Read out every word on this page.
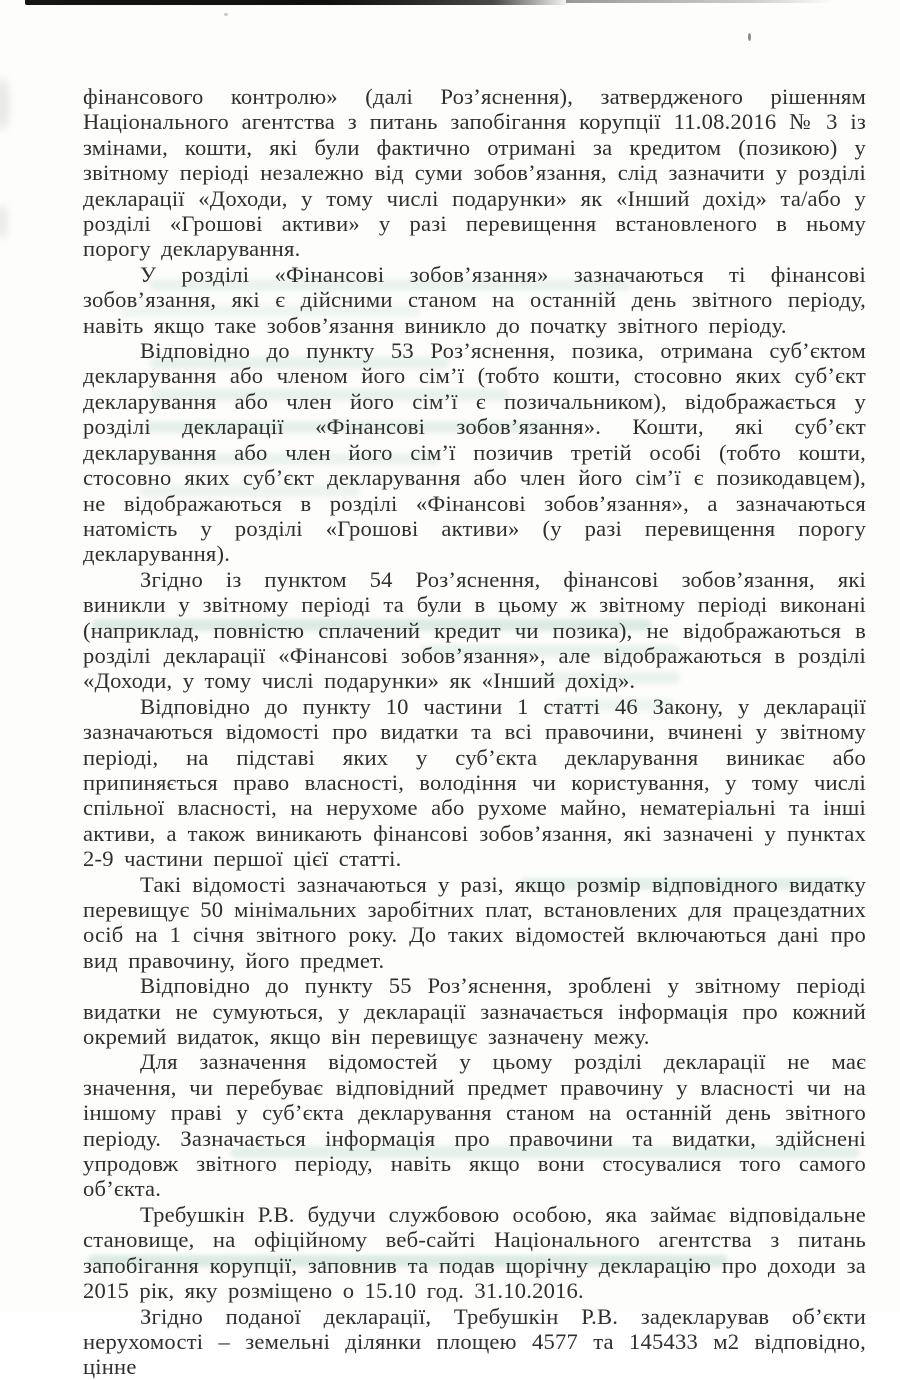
фінансового контролю» (далі Роз’яснення), затвердженого рішенням Національного агентства з питань запобігання корупції 11.08.2016 № 3 із змінами, кошти, які були фактично отримані за кредитом (позикою) у звітному періоді незалежно від суми зобов’язання, слід зазначити у розділі декларації «Доходи, у тому числі подарунки» як «Інший дохід» та/або у розділі «Грошові активи» у разі перевищення встановленого в ньому порогу декларування.

У розділі «Фінансові зобов’язання» зазначаються ті фінансові зобов’язання, які є дійсними станом на останній день звітного періоду, навіть якщо таке зобов’язання виникло до початку звітного періоду.

Відповідно до пункту 53 Роз’яснення, позика, отримана суб’єктом декларування або членом його сім’ї (тобто кошти, стосовно яких суб’єкт декларування або член його сім’ї є позичальником), відображається у розділі декларації «Фінансові зобов’язання». Кошти, які суб’єкт декларування або член його сім’ї позичив третій особі (тобто кошти, стосовно яких суб’єкт декларування або член його сім’ї є позикодавцем), не відображаються в розділі «Фінансові зобов’язання», а зазначаються натомість у розділі «Грошові активи» (у разі перевищення порогу декларування).

Згідно із пунктом 54 Роз’яснення, фінансові зобов’язання, які виникли у звітному періоді та були в цьому ж звітному періоді виконані (наприклад, повністю сплачений кредит чи позика), не відображаються в розділі декларації «Фінансові зобов’язання», але відображаються в розділі «Доходи, у тому числі подарунки» як «Інший дохід».

Відповідно до пункту 10 частини 1 статті 46 Закону, у декларації зазначаються відомості про видатки та всі правочини, вчинені у звітному періоді, на підставі яких у суб’єкта декларування виникає або припиняється право власності, володіння чи користування, у тому числі спільної власності, на нерухоме або рухоме майно, нематеріальні та інші активи, а також виникають фінансові зобов’язання, які зазначені у пунктах 2-9 частини першої цієї статті.

Такі відомості зазначаються у разі, якщо розмір відповідного видатку перевищує 50 мінімальних заробітних плат, встановлених для працездатних осіб на 1 січня звітного року. До таких відомостей включаються дані про вид правочину, його предмет.

Відповідно до пункту 55 Роз’яснення, зроблені у звітному періоді видатки не сумуються, у декларації зазначається інформація про кожний окремий видаток, якщо він перевищує зазначену межу.

Для зазначення відомостей у цьому розділі декларації не має значення, чи перебуває відповідний предмет правочину у власності чи на іншому праві у суб’єкта декларування станом на останній день звітного періоду. Зазначається інформація про правочини та видатки, здійснені упродовж звітного періоду, навіть якщо вони стосувалися того самого об’єкта.

Требушкін Р.В. будучи службовою особою, яка займає відповідальне становище, на офіційному веб-сайті Національного агентства з питань запобігання корупції, заповнив та подав щорічну декларацію про доходи за 2015 рік, яку розміщено о 15.10 год. 31.10.2016.

Згідно поданої декларації, Требушкін Р.В. задекларував об’єкти нерухомості – земельні ділянки площею 4577 та 145433 м2 відповідно, цінне
